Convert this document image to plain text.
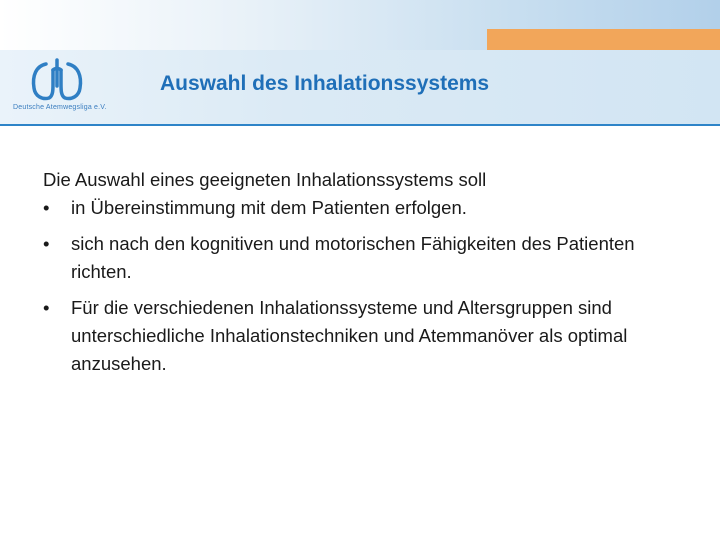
Deutsche Atemwegsliga e.V.
Auswahl des Inhalationssystems

Die Auswahl eines geeigneten Inhalationssystems soll

• in Übereinstimmung mit dem Patienten erfolgen.
• sich nach den kognitiven und motorischen Fähigkeiten des Patienten richten.
• Für die verschiedenen Inhalationssysteme und Altersgruppen sind unterschiedliche Inhalationstechniken und Atemmanöver als optimal anzusehen.
